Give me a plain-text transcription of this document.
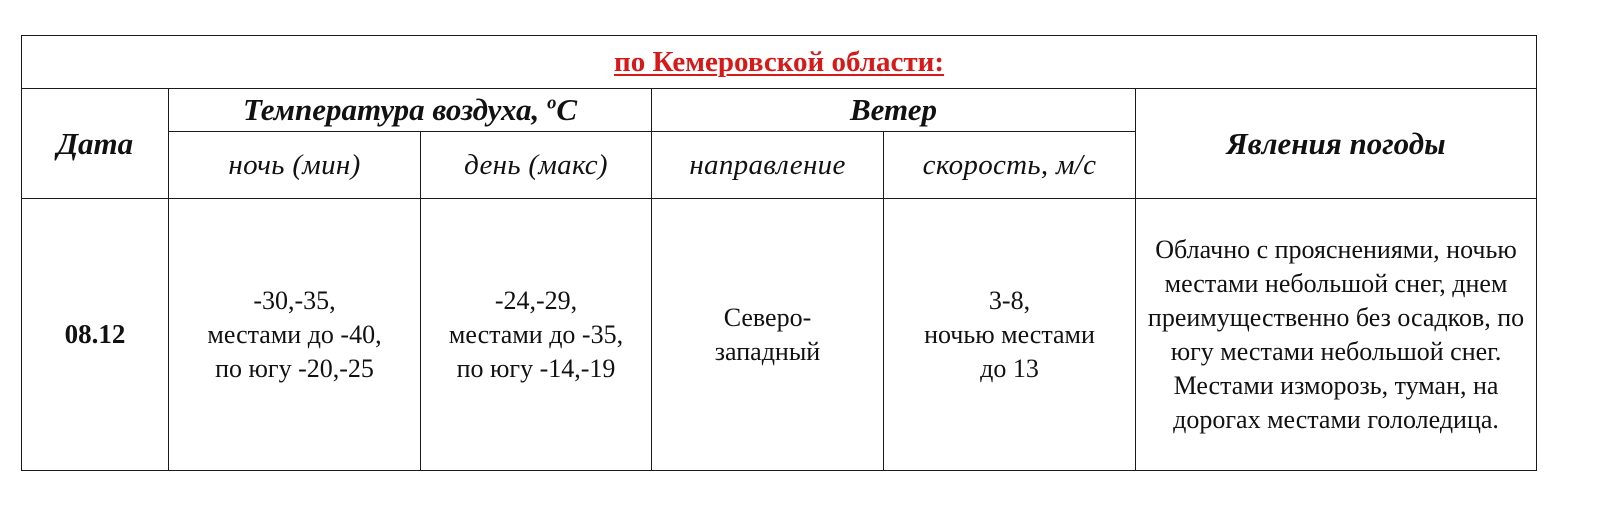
по Кемеровской области:					
Дата	Температура воздуха, $^o$С		Ветер		Явления погоды
	ночь (мин)	день (макс)	направление	скорость, м/с	
08.12	-30,-35,
местами до -40,
по югу -20,-25	-24,-29,
местами до -35,
по югу -14,-19	Северо-
западный	3-8,
ночью местами
до 13	Облачно с прояснениями, ночью местами небольшой снег, днем преимущественно без осадков, по югу местами небольшой снег. Местами изморозь, туман, на дорогах местами гололедица.
